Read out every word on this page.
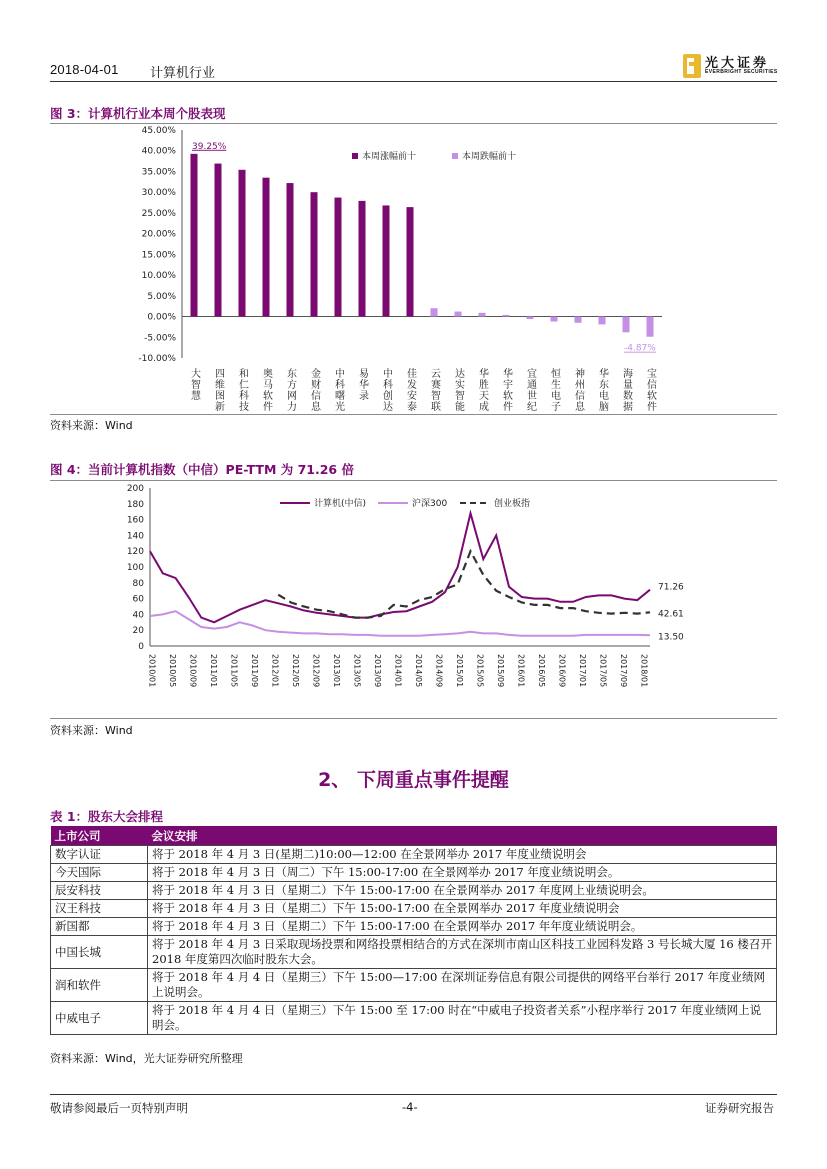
2018-04-01 计算机行业
光大证券
EVERBRIGHT SECURITIES
图 3：计算机行业本周个股表现
45.00%
40.00%
35.00%
30.00%
25.00%
20.00%
15.00%
10.00%
5.00%
0.00%
-5.00%
-10.00%
大智慧 四维图新 和仁科技 奥马软件 东方网力 金财信息 中科曙光 易华录 中科创达 佳发安泰 云赛智联 达实智能 华胜天成 华宇软件 宜通世纪 恒生电子 神州信息 华东电脑 海量数据 宝信软件
39.25%
-4.87%
本周涨幅前十	本周跌幅前十
资料来源：Wind
图 4：当前计算机指数（中信）PE-TTM 为 71.26 倍
200
180
160
140
120
100
80
60
40
20
0
2010/01 2010/05 2010/09 2011/01 2011/05 2011/09 2012/01 2012/05 2012/09 2013/01 2013/05 2013/09 2014/01 2014/05 2014/09 2015/01 2015/05 2015/09 2016/01 2016/05 2016/09 2017/01 2017/05 2017/09 2018/01
71.26
42.61
13.50
计算机(中信)	沪深300	创业板指
资料来源：Wind
2、 下周重点事件提醒
表 1：股东大会排程
上市公司	会议安排
数字认证	将于 2018 年 4 月 3 日(星期二)10:00—12:00 在全景网举办 2017 年度业绩说明会
今天国际	将于 2018 年 4 月 3 日（周二）下午 15:00-17:00 在全景网举办 2017 年度业绩说明会。
辰安科技	将于 2018 年 4 月 3 日（星期二）下午 15:00-17:00 在全景网举办 2017 年度网上业绩说明会。
汉王科技	将于 2018 年 4 月 3 日（星期二）下午 15:00-17:00 在全景网举办 2017 年度业绩说明会
新国都	将于 2018 年 4 月 3 日（星期二）下午 15:00-17:00 在全景网举办 2017 年年度业绩说明会。
中国长城	将于 2018 年 4 月 3 日采取现场投票和网络投票相结合的方式在深圳市南山区科技工业园科发路 3 号长城大厦 16 楼召开 2018 年度第四次临时股东大会。
润和软件	将于 2018 年 4 月 4 日（星期三）下午 15:00—17:00 在深圳证券信息有限公司提供的网络平台举行 2017 年度业绩网上说明会。
中威电子	将于 2018 年 4 月 4 日（星期三）下午 15:00 至 17:00 时在“中威电子投资者关系”小程序举行 2017 年度业绩网上说明会。
资料来源：Wind，光大证券研究所整理
敬请参阅最后一页特别声明	-4-	证券研究报告
